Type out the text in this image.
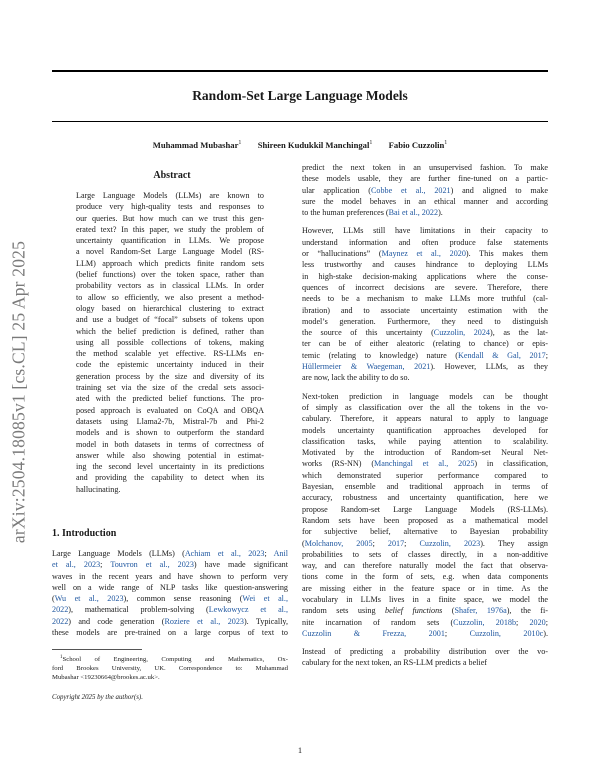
Random-Set Large Language Models
Muhammad Mubashar$^1$ Shireen Kudukkil Manchingal$^1$ Fabio Cuzzolin$^1$
arXiv:2504.18085v1 [cs.CL] 25 Apr 2025
Abstract
Large Language Models (LLMs) are known to
produce very high-quality tests and responses to
our queries. But how much can we trust this gen-
erated text? In this paper, we study the problem of
uncertainty quantification in LLMs. We propose
a novel Random-Set Large Language Model (RS-
LLM) approach which predicts finite random sets
(belief functions) over the token space, rather than
probability vectors as in classical LLMs. In order
to allow so efficiently, we also present a method-
ology based on hierarchical clustering to extract
and use a budget of “focal” subsets of tokens upon
which the belief prediction is defined, rather than
using all possible collections of tokens, making
the method scalable yet effective. RS-LLMs en-
code the epistemic uncertainty induced in their
generation process by the size and diversity of its
training set via the size of the credal sets associ-
ated with the predicted belief functions. The pro-
posed approach is evaluated on CoQA and OBQA
datasets using Llama2-7b, Mistral-7b and Phi-2
models and is shown to outperform the standard
model in both datasets in terms of correctness of
answer while also showing potential in estimat-
ing the second level uncertainty in its predictions
and providing the capability to detect when its
hallucinating.
1. Introduction
Large Language Models (LLMs) (Achiam et al., 2023; Anil
et al., 2023; Touvron et al., 2023) have made significant
waves in the recent years and have shown to perform very
well on a wide range of NLP tasks like question-answering
(Wu et al., 2023), common sense reasoning (Wei et al.,
2022), mathematical problem-solving (Lewkowycz et al.,
2022) and code generation (Roziere et al., 2023). Typically,
these models are pre-trained on a large corpus of text to
$^1$School of Engineering, Computing and Mathematics, Ox-
ford Brookes University, UK. Correspondence to: Muhammad
Mubashar <19230664@brookes.ac.uk>.
Copyright 2025 by the author(s).
predict the next token in an unsupervised fashion. To make
these models usable, they are further fine-tuned on a partic-
ular application (Cobbe et al., 2021) and aligned to make
sure the model behaves in an ethical manner and according
to the human preferences (Bai et al., 2022).
However, LLMs still have limitations in their capacity to
understand information and often produce false statements
or “hallucinations” (Maynez et al., 2020). This makes them
less trustworthy and causes hindrance to deploying LLMs
in high-stake decision-making applications where the conse-
quences of incorrect decisions are severe. Therefore, there
needs to be a mechanism to make LLMs more truthful (cal-
ibration) and to associate uncertainty estimation with the
model’s generation. Furthermore, they need to distinguish
the source of this uncertainty (Cuzzolin, 2024), as the lat-
ter can be of either aleatoric (relating to chance) or epis-
temic (relating to knowledge) nature (Kendall & Gal, 2017;
Hüllermeier & Waegeman, 2021). However, LLMs, as they
are now, lack the ability to do so.
Next-token prediction in language models can be thought
of simply as classification over the all the tokens in the vo-
cabulary. Therefore, it appears natural to apply to language
models uncertainty quantification approaches developed for
classification tasks, while paying attention to scalability.
Motivated by the introduction of Random-set Neural Net-
works (RS-NN) (Manchingal et al., 2025) in classification,
which demonstrated superior performance compared to
Bayesian, ensemble and traditional approach in terms of
accuracy, robustness and uncertainty quantification, here we
propose Random-set Large Language Models (RS-LLMs).
Random sets have been proposed as a mathematical model
for subjective belief, alternative to Bayesian probability
(Molchanov, 2005; 2017; Cuzzolin, 2023). They assign
probabilities to sets of classes directly, in a non-additive
way, and can therefore naturally model the fact that observa-
tions come in the form of sets, e.g. when data components
are missing either in the feature space or in time. As the
vocabulary in LLMs lives in a finite space, we model the
random sets using belief functions (Shafer, 1976a), the fi-
nite incarnation of random sets (Cuzzolin, 2018b; 2020;
Cuzzolin & Frezza, 2001; Cuzzolin, 2010c).
Instead of predicting a probability distribution over the vo-
cabulary for the next token, an RS-LLM predicts a belief
1
